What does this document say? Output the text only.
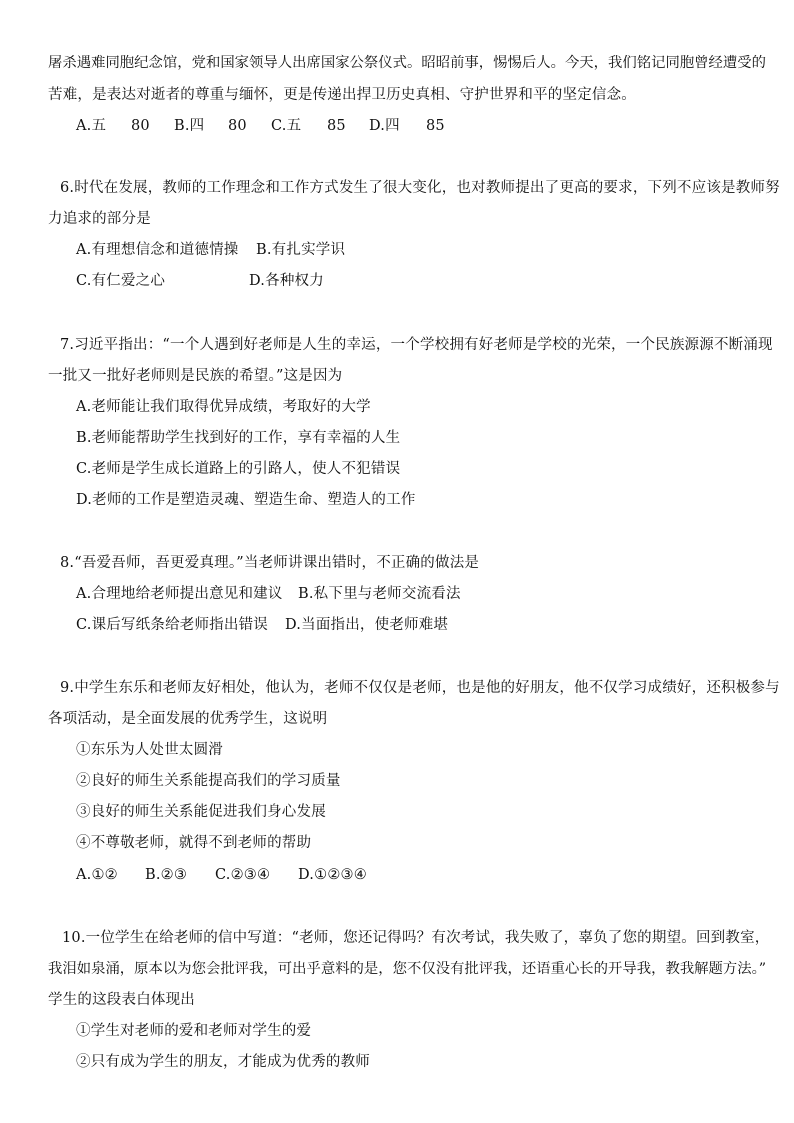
屠杀遇难同胞纪念馆，党和国家领导人出席国家公祭仪式。昭昭前事，惕惕后人。今天，我们铭记同胞曾经遭受的
苦难，是表达对逝者的尊重与缅怀，更是传递出捍卫历史真相、守护世界和平的坚定信念。
A.五 80 B.四 80 C.五 85 D.四 85
6.时代在发展，教师的工作理念和工作方式发生了很大变化，也对教师提出了更高的要求，下列不应该是教师努
力追求的部分是
A.有理想信念和道德情操 B.有扎实学识
C.有仁爱之心	D.各种权力
7.习近平指出：“一个人遇到好老师是人生的幸运，一个学校拥有好老师是学校的光荣，一个民族源源不断涌现
一批又一批好老师则是民族的希望。”这是因为
A.老师能让我们取得优异成绩，考取好的大学
B.老师能帮助学生找到好的工作，享有幸福的人生
C.老师是学生成长道路上的引路人，使人不犯错误
D.老师的工作是塑造灵魂、塑造生命、塑造人的工作
8.“吾爱吾师，吾更爱真理。”当老师讲课出错时，不正确的做法是
A.合理地给老师提出意见和建议 B.私下里与老师交流看法
C.课后写纸条给老师指出错误 D.当面指出，使老师难堪
9.中学生东乐和老师友好相处，他认为，老师不仅仅是老师，也是他的好朋友，他不仅学习成绩好，还积极参与
各项活动，是全面发展的优秀学生，这说明
①东乐为人处世太圆滑
②良好的师生关系能提高我们的学习质量
③良好的师生关系能促进我们身心发展
④不尊敬老师，就得不到老师的帮助
A.①② B.②③ C.②③④ D.①②③④
10.一位学生在给老师的信中写道：“老师，您还记得吗？有次考试，我失败了，辜负了您的期望。回到教室，
我泪如泉涌，原本以为您会批评我，可出乎意料的是，您不仅没有批评我，还语重心长的开导我，教我解题方法。”
学生的这段表白体现出
①学生对老师的爱和老师对学生的爱
②只有成为学生的朋友，才能成为优秀的教师
